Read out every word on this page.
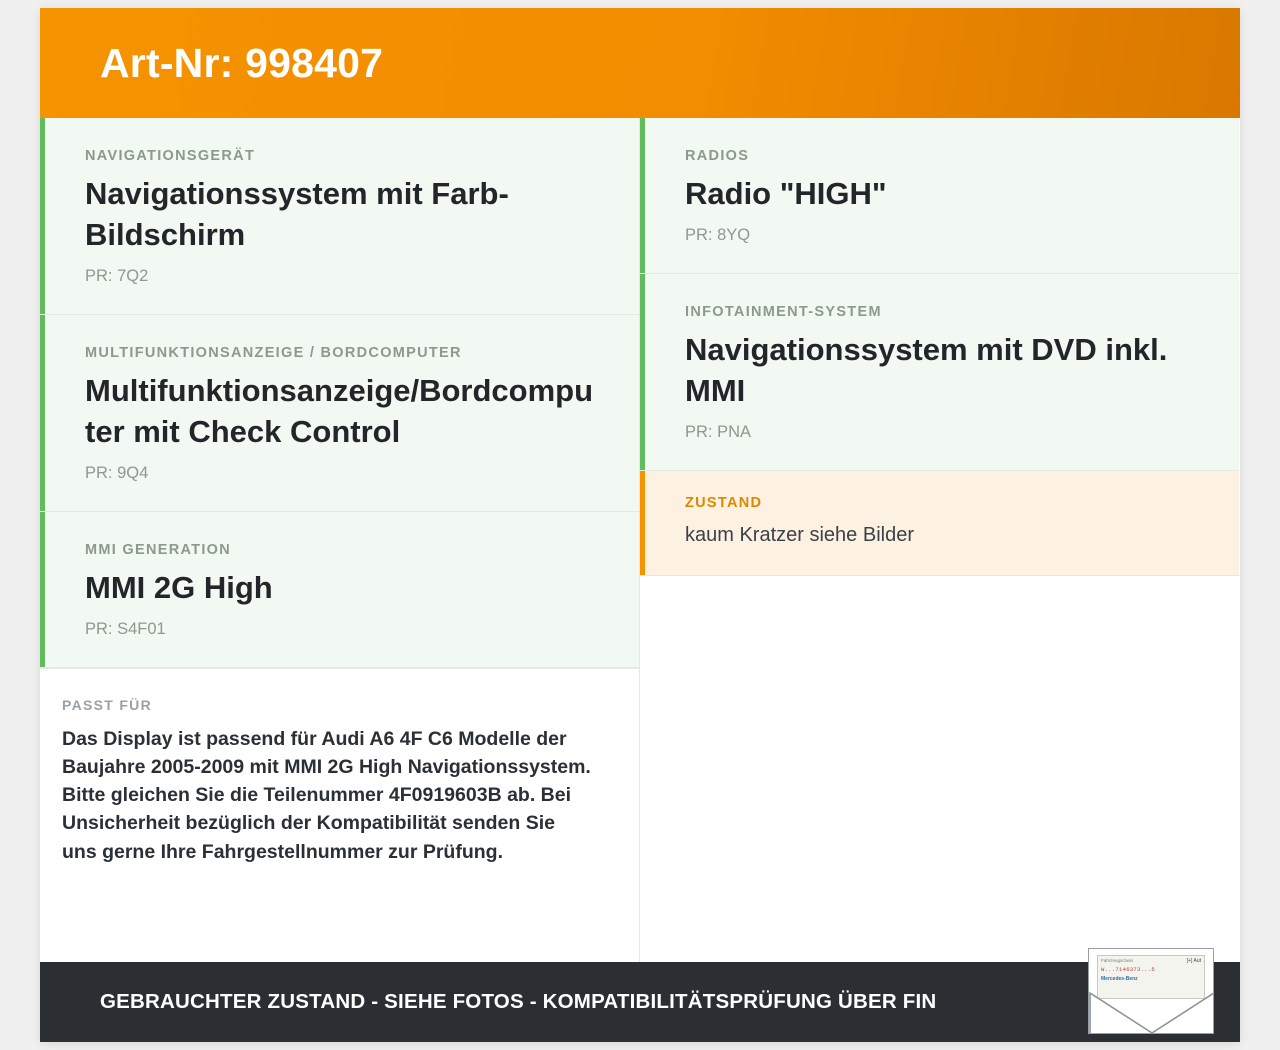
Art-Nr: 998407
NAVIGATIONSGERÄT
Navigationssystem mit Farb-Bildschirm
PR: 7Q2
MULTIFUNKTIONSANZEIGE / BORDCOMPUTER
Multifunktionsanzeige/Bordcomputer mit Check Control
PR: 9Q4
MMI GENERATION
MMI 2G High
PR: S4F01
PASST FÜR
Das Display ist passend für Audi A6 4F C6 Modelle der Baujahre 2005-2009 mit MMI 2G High Navigationssystem. Bitte gleichen Sie die Teilenummer 4F0919603B ab. Bei Unsicherheit bezüglich der Kompatibilität senden Sie uns gerne Ihre Fahrgestellnummer zur Prüfung.
RADIOS
Radio "HIGH"
PR: 8YQ
INFOTAINMENT-SYSTEM
Navigationssystem mit DVD inkl. MMI
PR: PNA
ZUSTAND
kaum Kratzer siehe Bilder
GEBRAUCHTER ZUSTAND - SIEHE FOTOS - KOMPATIBILITÄTSPRÜFUNG ÜBER FIN
Fahrzeugschein
W...7146373...5
Mercedes-Benz
[+] Aut
